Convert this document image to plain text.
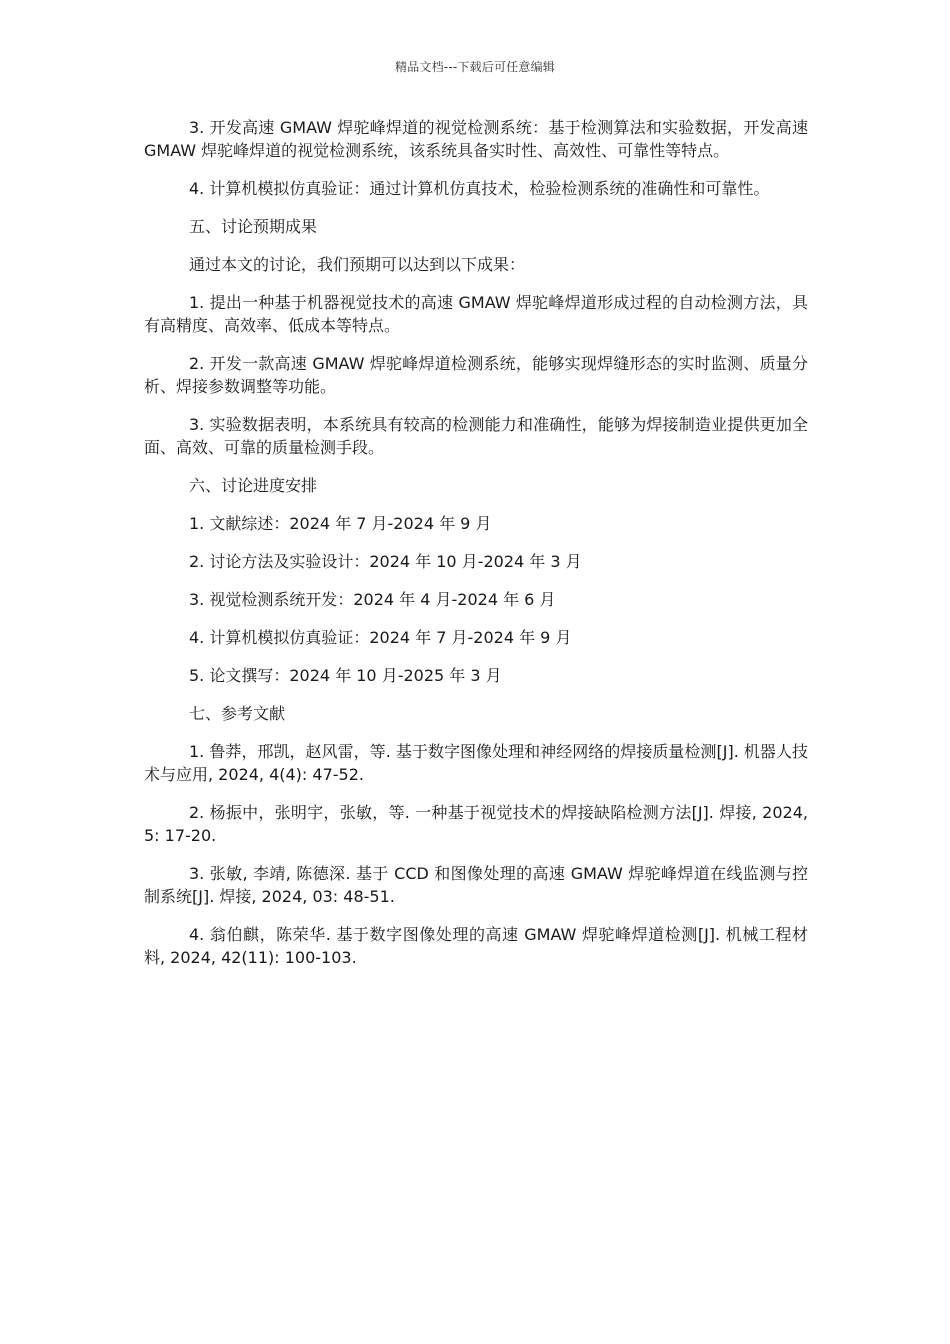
精品文档---下载后可任意编辑

3. 开发高速 GMAW 焊驼峰焊道的视觉检测系统：基于检测算法和实验数据，开发高速 GMAW 焊驼峰焊道的视觉检测系统，该系统具备实时性、高效性、可靠性等特点。

4. 计算机模拟仿真验证：通过计算机仿真技术，检验检测系统的准确性和可靠性。

五、讨论预期成果

通过本文的讨论，我们预期可以达到以下成果：

1. 提出一种基于机器视觉技术的高速 GMAW 焊驼峰焊道形成过程的自动检测方法，具有高精度、高效率、低成本等特点。

2. 开发一款高速 GMAW 焊驼峰焊道检测系统，能够实现焊缝形态的实时监测、质量分析、焊接参数调整等功能。

3. 实验数据表明，本系统具有较高的检测能力和准确性，能够为焊接制造业提供更加全面、高效、可靠的质量检测手段。

六、讨论进度安排

1. 文献综述：2024 年 7 月-2024 年 9 月

2. 讨论方法及实验设计：2024 年 10 月-2024 年 3 月

3. 视觉检测系统开发：2024 年 4 月-2024 年 6 月

4. 计算机模拟仿真验证：2024 年 7 月-2024 年 9 月

5. 论文撰写：2024 年 10 月-2025 年 3 月

七、参考文献

1. 鲁莽，邢凯，赵风雷，等. 基于数字图像处理和神经网络的焊接质量检测[J]. 机器人技术与应用, 2024, 4(4): 47-52.

2. 杨振中，张明宇，张敏，等. 一种基于视觉技术的焊接缺陷检测方法[J]. 焊接, 2024, 5: 17-20.

3. 张敏, 李靖, 陈德深. 基于 CCD 和图像处理的高速 GMAW 焊驼峰焊道在线监测与控制系统[J]. 焊接, 2024, 03: 48-51.

4. 翁伯麒，陈荣华. 基于数字图像处理的高速 GMAW 焊驼峰焊道检测[J]. 机械工程材料, 2024, 42(11): 100-103.
